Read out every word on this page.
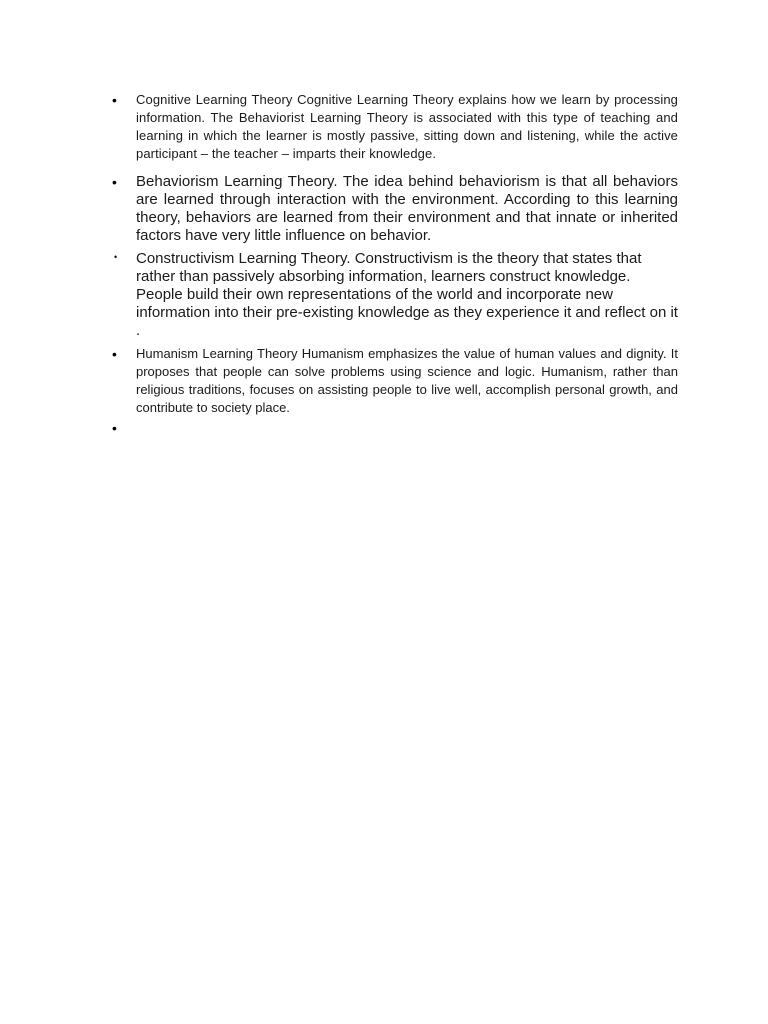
• Cognitive Learning Theory Cognitive Learning Theory explains how we learn by processing information. The Behaviorist Learning Theory is associated with this type of teaching and learning in which the learner is mostly passive, sitting down and listening, while the active participant – the teacher – imparts their knowledge.
• Behaviorism Learning Theory. The idea behind behaviorism is that all behaviors are learned through interaction with the environment. According to this learning theory, behaviors are learned from their environment and that innate or inherited factors have very little influence on behavior.
• Constructivism Learning Theory. Constructivism is the theory that states that rather than passively absorbing information, learners construct knowledge. People build their own representations of the world and incorporate new information into their pre-existing knowledge as they experience it and reflect on it .
• Humanism Learning Theory Humanism emphasizes the value of human values and dignity. It proposes that people can solve problems using science and logic. Humanism, rather than religious traditions, focuses on assisting people to live well, accomplish personal growth, and contribute to society place.
•
